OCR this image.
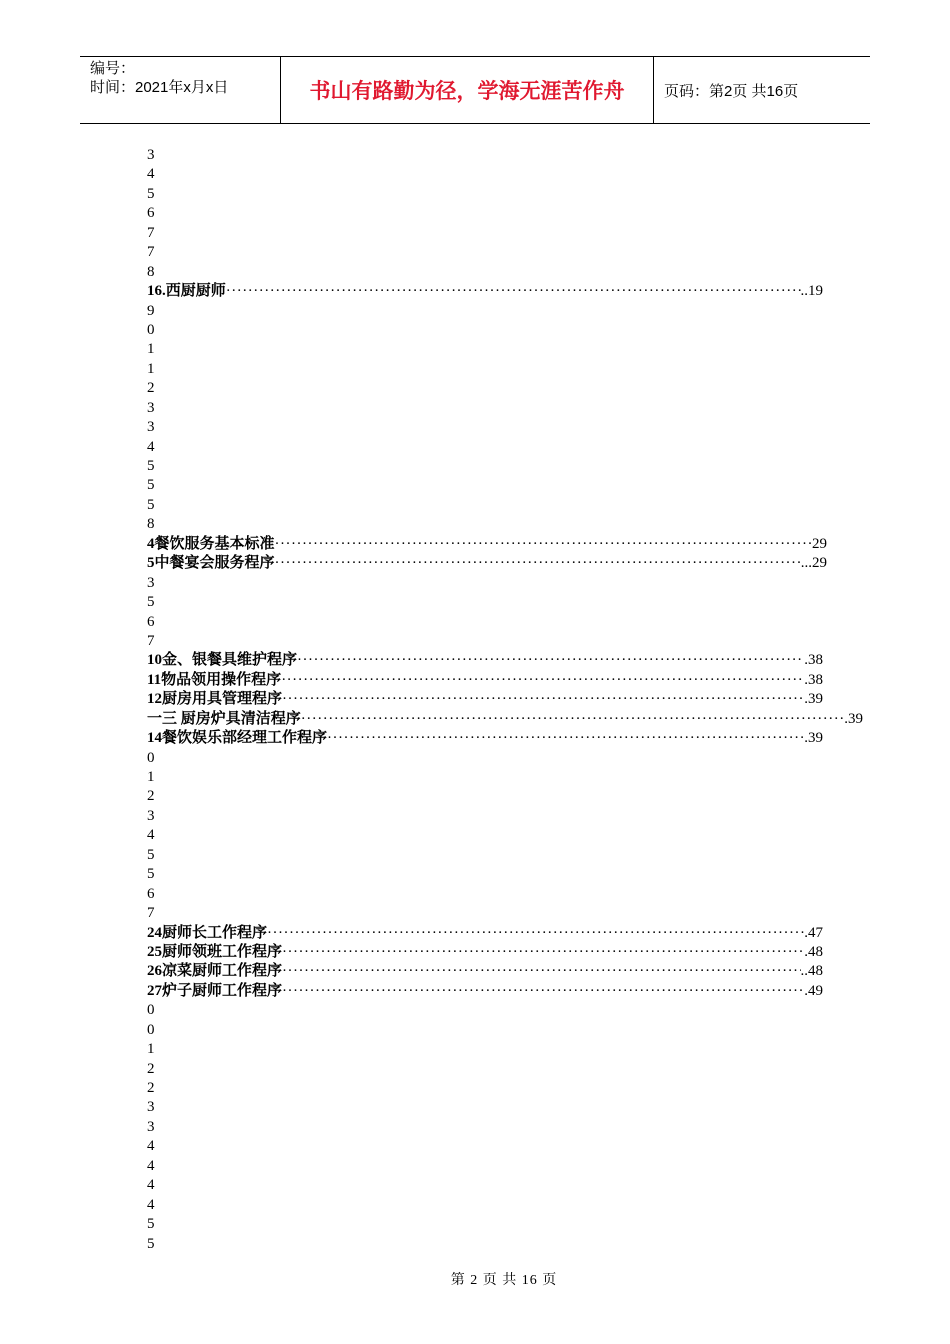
编号：
时间：2021年x月x日	书山有路勤为径，学海无涯苦作舟	页码：第2页 共16页
3
4
5
6
7
7
8
16.西厨厨师 ·····	..19
9
0
1
1
2
3
3
4
5
5
5
8
4餐饮服务基本标准 ·····	29
5中餐宴会服务程序 ·····	...29
3
5
6
7
10金、银餐具维护程序 ·····	.38
11物品领用操作程序 ·····	.38
12厨房用具管理程序 ·····	.39
一三 厨房炉具清洁程序 ·····	.39
14餐饮娱乐部经理工作程序 ·····	.39
0
1
2
3
4
5
5
6
7
24厨师长工作程序 ·····	.47
25厨师领班工作程序 ·····	.48
26凉菜厨师工作程序 ·····	..48
27炉子厨师工作程序 ·····	.49
0
0
1
2
2
3
3
4
4
4
4
5
5
第 2 页 共 16 页
